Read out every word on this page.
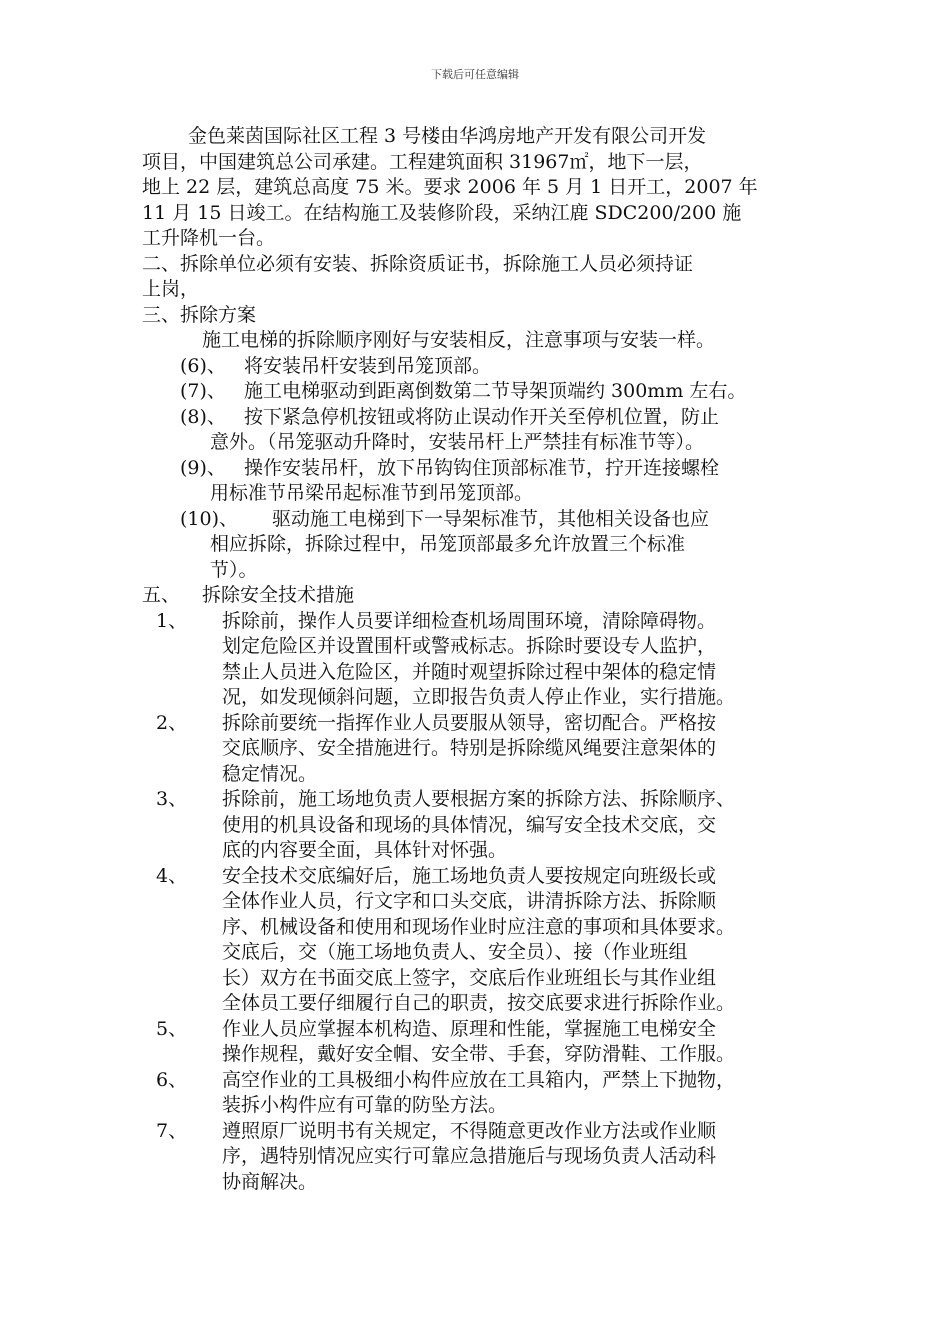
下载后可任意编辑
金色莱茵国际社区工程 3 号楼由华鸿房地产开发有限公司开发
项目，中国建筑总公司承建。工程建筑面积 31967㎡，地下一层，
地上 22 层，建筑总高度 75 米。要求 2006 年 5 月 1 日开工，2007 年
11 月 15 日竣工。在结构施工及装修阶段，采纳江鹿 SDC200/200 施
工升降机一台。
二、拆除单位必须有安装、拆除资质证书，拆除施工人员必须持证
上岗，
三、拆除方案
施工电梯的拆除顺序刚好与安装相反，注意事项与安装一样。
(6)、 将安装吊杆安装到吊笼顶部。
(7)、 施工电梯驱动到距离倒数第二节导架顶端约 300mm 左右。
(8)、 按下紧急停机按钮或将防止误动作开关至停机位置，防止
意外。（吊笼驱动升降时，安装吊杆上严禁挂有标准节等）。
(9)、 操作安装吊杆，放下吊钩钩住顶部标准节，拧开连接螺栓
用标准节吊梁吊起标准节到吊笼顶部。
(10)、	驱动施工电梯到下一导架标准节，其他相关设备也应
相应拆除，拆除过程中，吊笼顶部最多允许放置三个标准
节）。
五、	拆除安全技术措施
1、	拆除前，操作人员要详细检查机场周围环境，清除障碍物。
划定危险区并设置围杆或警戒标志。拆除时要设专人监护，
禁止人员进入危险区，并随时观望拆除过程中架体的稳定情
况，如发现倾斜问题，立即报告负责人停止作业，实行措施。
2、	拆除前要统一指挥作业人员要服从领导，密切配合。严格按
交底顺序、安全措施进行。特别是拆除缆风绳要注意架体的
稳定情况。
3、	拆除前，施工场地负责人要根据方案的拆除方法、拆除顺序、
使用的机具设备和现场的具体情况，编写安全技术交底，交
底的内容要全面，具体针对怀强。
4、	安全技术交底编好后，施工场地负责人要按规定向班级长或
全体作业人员，行文字和口头交底，讲清拆除方法、拆除顺
序、机械设备和使用和现场作业时应注意的事项和具体要求。
交底后，交（施工场地负责人、安全员）、接（作业班组
长）双方在书面交底上签字，交底后作业班组长与其作业组
全体员工要仔细履行自己的职责，按交底要求进行拆除作业。
5、	作业人员应掌握本机构造、原理和性能，掌握施工电梯安全
操作规程，戴好安全帽、安全带、手套，穿防滑鞋、工作服。
6、	高空作业的工具极细小构件应放在工具箱内，严禁上下抛物，
装拆小构件应有可靠的防坠方法。
7、	遵照原厂说明书有关规定，不得随意更改作业方法或作业顺
序，遇特别情况应实行可靠应急措施后与现场负责人活动科
协商解决。
